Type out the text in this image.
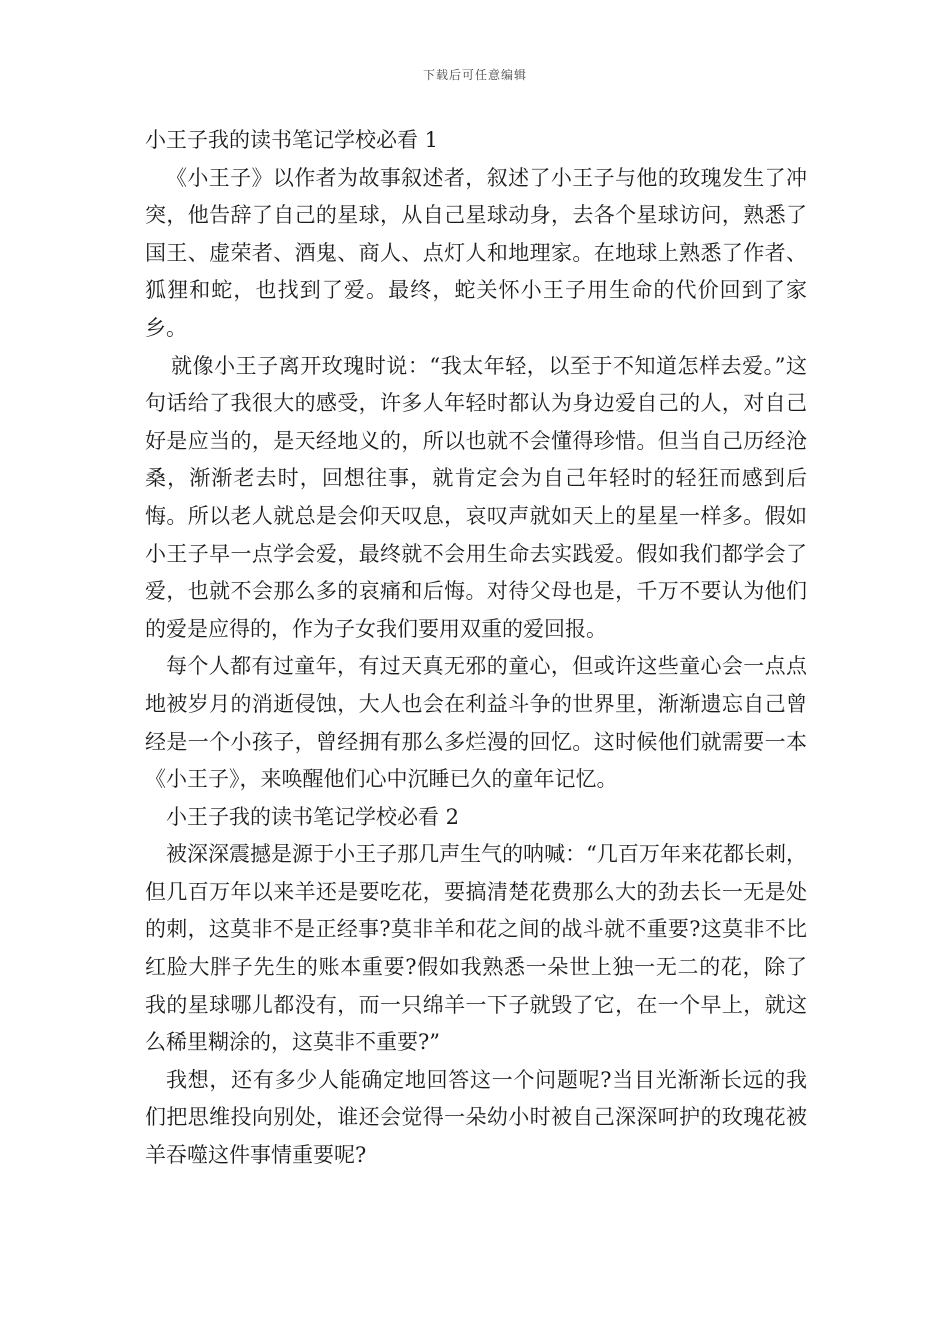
下载后可任意编辑

小王子我的读书笔记学校必看 1

《小王子》以作者为故事叙述者，叙述了小王子与他的玫瑰发生了冲突，他告辞了自己的星球，从自己星球动身，去各个星球访问，熟悉了国王、虚荣者、酒鬼、商人、点灯人和地理家。在地球上熟悉了作者、狐狸和蛇，也找到了爱。最终，蛇关怀小王子用生命的代价回到了家乡。

就像小王子离开玫瑰时说：“我太年轻，以至于不知道怎样去爱。”这句话给了我很大的感受，许多人年轻时都认为身边爱自己的人，对自己好是应当的，是天经地义的，所以也就不会懂得珍惜。但当自己历经沧桑，渐渐老去时，回想往事，就肯定会为自己年轻时的轻狂而感到后悔。所以老人就总是会仰天叹息，哀叹声就如天上的星星一样多。假如小王子早一点学会爱，最终就不会用生命去实践爱。假如我们都学会了爱，也就不会那么多的哀痛和后悔。对待父母也是，千万不要认为他们的爱是应得的，作为子女我们要用双重的爱回报。

每个人都有过童年，有过天真无邪的童心，但或许这些童心会一点点地被岁月的消逝侵蚀，大人也会在利益斗争的世界里，渐渐遗忘自己曾经是一个小孩子，曾经拥有那么多烂漫的回忆。这时候他们就需要一本《小王子》，来唤醒他们心中沉睡已久的童年记忆。

小王子我的读书笔记学校必看 2

被深深震撼是源于小王子那几声生气的呐喊：“几百万年来花都长刺，但几百万年以来羊还是要吃花，要搞清楚花费那么大的劲去长一无是处的刺，这莫非不是正经事?莫非羊和花之间的战斗就不重要?这莫非不比红脸大胖子先生的账本重要?假如我熟悉一朵世上独一无二的花，除了我的星球哪儿都没有，而一只绵羊一下子就毁了它，在一个早上，就这么稀里糊涂的，这莫非不重要?”

我想，还有多少人能确定地回答这一个问题呢?当目光渐渐长远的我们把思维投向别处，谁还会觉得一朵幼小时被自己深深呵护的玫瑰花被羊吞噬这件事情重要呢?
